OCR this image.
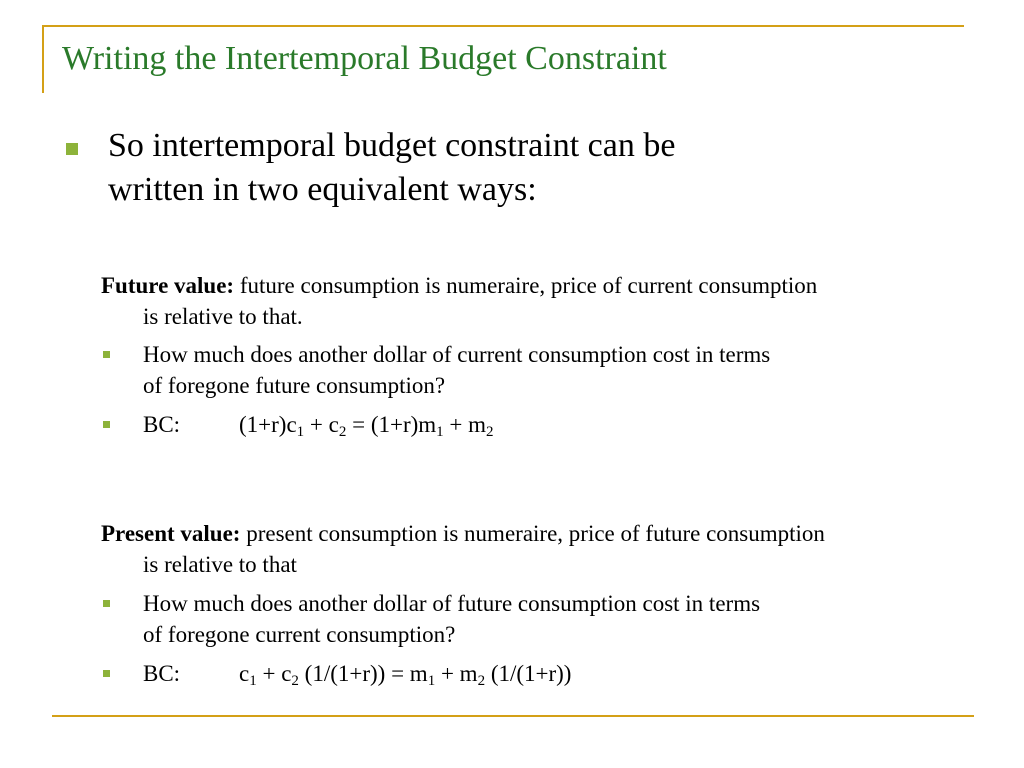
Writing the Intertemporal Budget Constraint
So intertemporal budget constraint can be written in two equivalent ways:
Future value: future consumption is numeraire, price of current consumption is relative to that.
How much does another dollar of current consumption cost in terms of foregone future consumption?
BC:	$(1+r)c_1 + c_2 = (1+r)m_1 + m_2$
Present value: present consumption is numeraire, price of future consumption is relative to that
How much does another dollar of future consumption cost in terms of foregone current consumption?
BC:	$c_1 + c_2$ $(1/(1+r)) = m_1 + m_2$ (1/(1+r))
